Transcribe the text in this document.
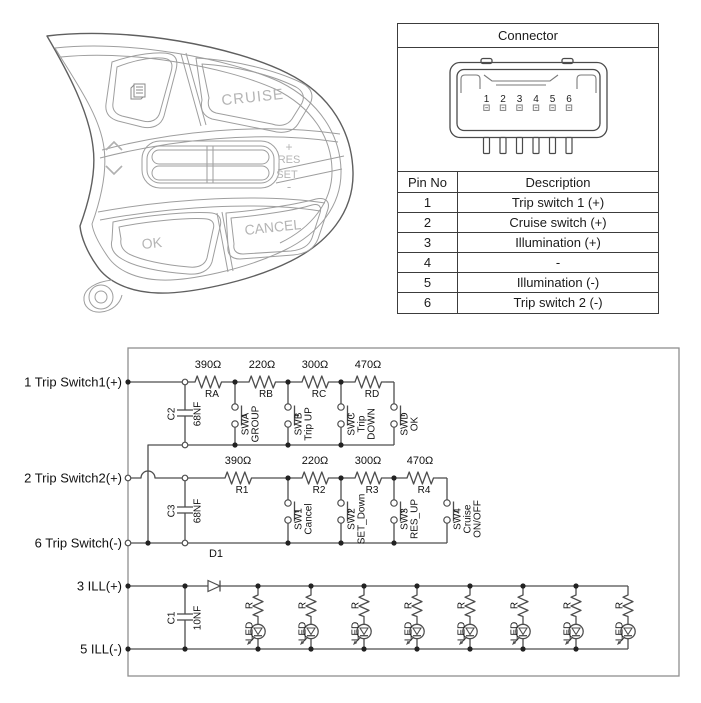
CRUISE
+
RES
SET
-
OK
CANCEL
Connector
1 2 3 4 5 6
Pin No	Description
1	Trip switch 1 (+)
2	Cruise switch (+)
3	Illumination (+)
4	-
5	Illumination (-)
6	Trip switch 2 (-)
1 Trip Switch1(+)
2 Trip Switch2(+)
6 Trip Switch(-)
3 ILL(+)
5 ILL(-)
390Ω 220Ω 300Ω 470Ω
RA	RB	RC	RD
C2 68NF	SWA GROUP	SWB Trip UP	SWC Trip DOWN SWD OK
390Ω	220Ω 300Ω 470Ω
R1	R2	R3	R4
C3 68NF	SW1 Cancel	SW2 SET_Down	SW3 RES_UP	SW4 Cruise ON/OFF
D1
C1 10NF
R
LED
R
LED
R
LED
R
LED
R
LED
R
LED
R
LED
R
LED
